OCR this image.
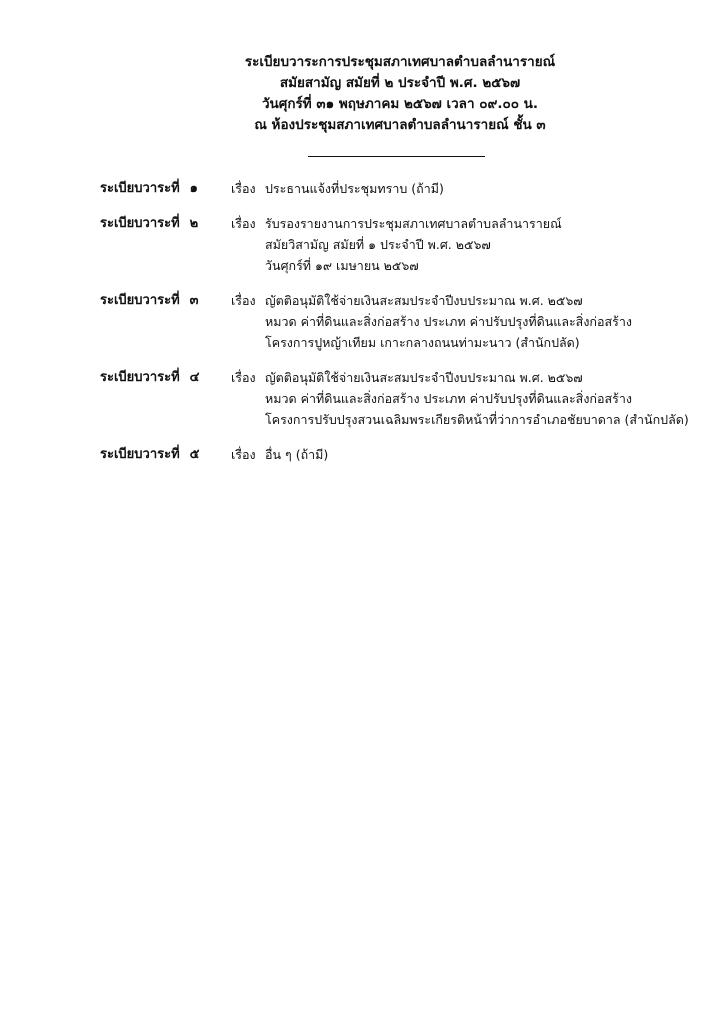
ระเบียบวาระการประชุมสภาเทศบาลตำบลลำนารายณ์
สมัยสามัญ สมัยที่ ๒ ประจำปี พ.ศ. ๒๕๖๗
วันศุกร์ที่ ๓๑ พฤษภาคม ๒๕๖๗ เวลา ๐๙.๐๐ น.
ณ ห้องประชุมสภาเทศบาลตำบลลำนารายณ์ ชั้น ๓
ระเบียบวาระที่ ๑	เรื่อง ประธานแจ้งที่ประชุมทราบ (ถ้ามี)
ระเบียบวาระที่ ๒	เรื่อง รับรองรายงานการประชุมสภาเทศบาลตำบลลำนารายณ์
สมัยวิสามัญ สมัยที่ ๑ ประจำปี พ.ศ. ๒๕๖๗
วันศุกร์ที่ ๑๙ เมษายน ๒๕๖๗
ระเบียบวาระที่ ๓	เรื่อง ญัตติอนุมัติใช้จ่ายเงินสะสมประจำปีงบประมาณ พ.ศ. ๒๕๖๗
หมวด ค่าที่ดินและสิ่งก่อสร้าง ประเภท ค่าปรับปรุงที่ดินและสิ่งก่อสร้าง
โครงการปูหญ้าเทียม เกาะกลางถนนท่ามะนาว (สำนักปลัด)
ระเบียบวาระที่ ๔	เรื่อง ญัตติอนุมัติใช้จ่ายเงินสะสมประจำปีงบประมาณ พ.ศ. ๒๕๖๗
หมวด ค่าที่ดินและสิ่งก่อสร้าง ประเภท ค่าปรับปรุงที่ดินและสิ่งก่อสร้าง
โครงการปรับปรุงสวนเฉลิมพระเกียรติหน้าที่ว่าการอำเภอชัยบาดาล (สำนักปลัด)
ระเบียบวาระที่ ๕	เรื่อง อื่น ๆ (ถ้ามี)
